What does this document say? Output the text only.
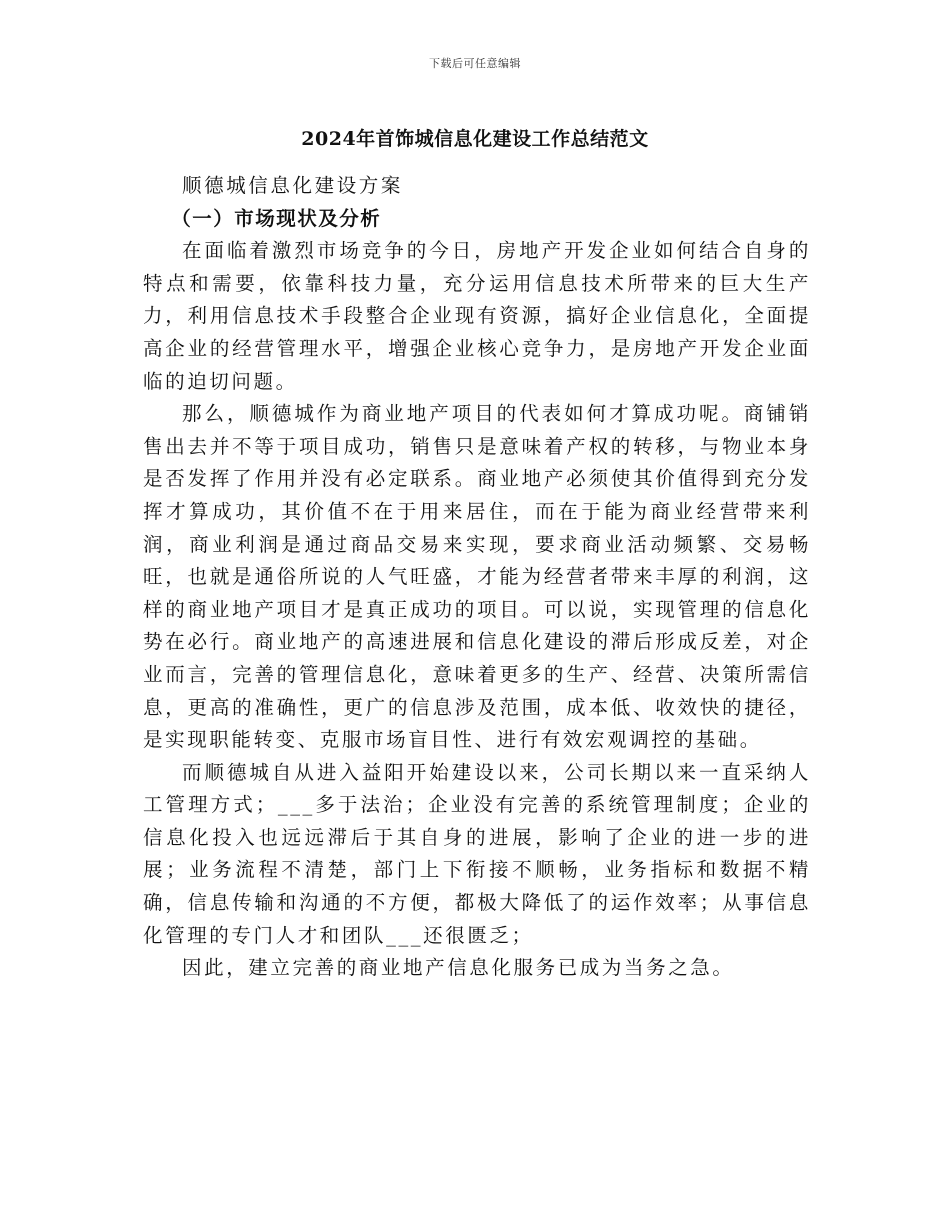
下载后可任意编辑
2024年首饰城信息化建设工作总结范文

顺德城信息化建设方案

（一）市场现状及分析

在面临着激烈市场竞争的今日，房地产开发企业如何结合自身的特点和需要，依靠科技力量，充分运用信息技术所带来的巨大生产力，利用信息技术手段整合企业现有资源，搞好企业信息化，全面提高企业的经营管理水平，增强企业核心竞争力，是房地产开发企业面临的迫切问题。

那么，顺德城作为商业地产项目的代表如何才算成功呢。商铺销售出去并不等于项目成功，销售只是意味着产权的转移，与物业本身是否发挥了作用并没有必定联系。商业地产必须使其价值得到充分发挥才算成功，其价值不在于用来居住，而在于能为商业经营带来利润，商业利润是通过商品交易来实现，要求商业活动频繁、交易畅旺，也就是通俗所说的人气旺盛，才能为经营者带来丰厚的利润，这样的商业地产项目才是真正成功的项目。可以说，实现管理的信息化势在必行。商业地产的高速进展和信息化建设的滞后形成反差，对企业而言，完善的管理信息化，意味着更多的生产、经营、决策所需信息，更高的准确性，更广的信息涉及范围，成本低、收效快的捷径，是实现职能转变、克服市场盲目性、进行有效宏观调控的基础。

而顺德城自从进入益阳开始建设以来，公司长期以来一直采纳人工管理方式；___多于法治；企业没有完善的系统管理制度；企业的信息化投入也远远滞后于其自身的进展，影响了企业的进一步的进展；业务流程不清楚，部门上下衔接不顺畅，业务指标和数据不精确，信息传输和沟通的不方便，都极大降低了的运作效率；从事信息化管理的专门人才和团队___还很匮乏；

因此，建立完善的商业地产信息化服务已成为当务之急。
